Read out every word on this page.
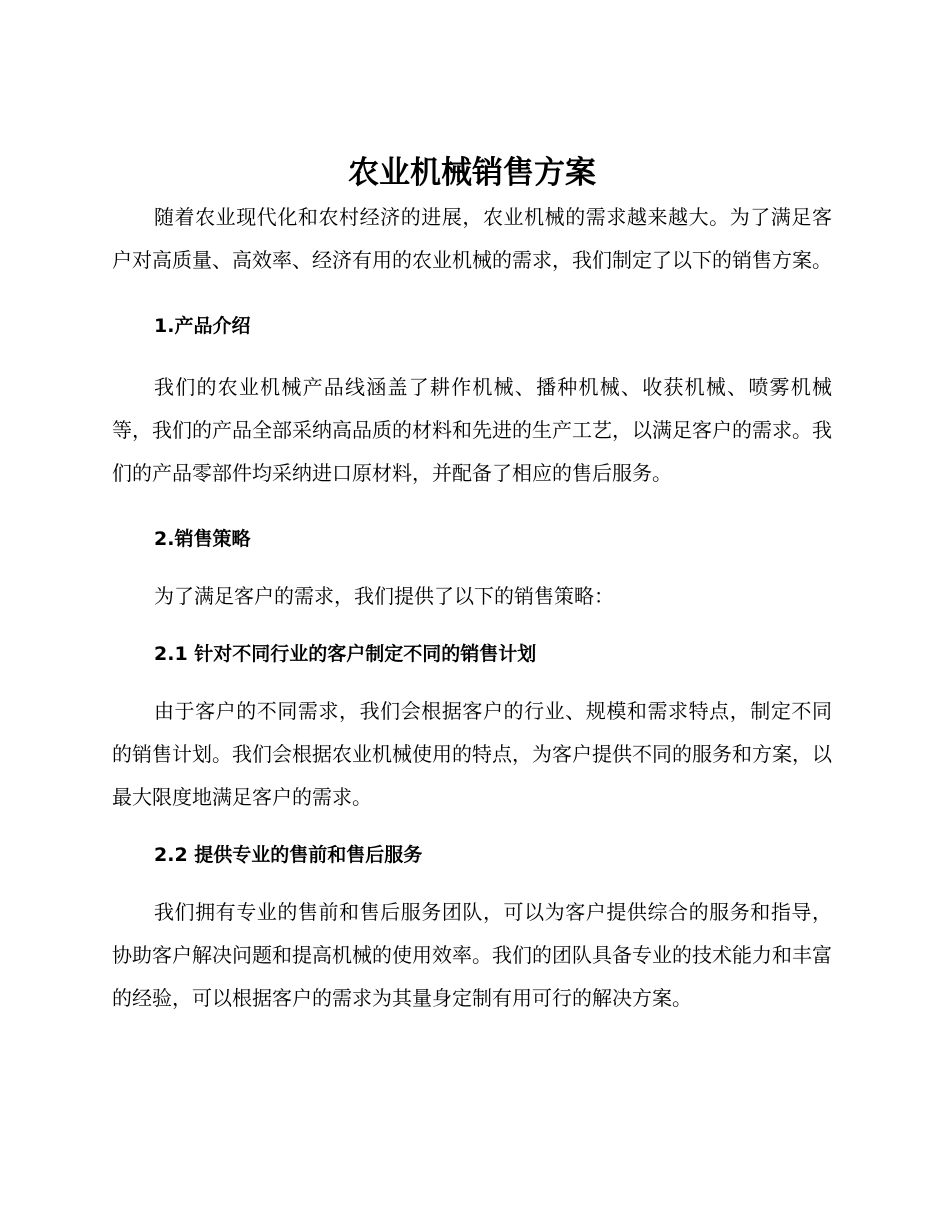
农业机械销售方案

随着农业现代化和农村经济的进展，农业机械的需求越来越大。为了满足客户对高质量、高效率、经济有用的农业机械的需求，我们制定了以下的销售方案。

1.产品介绍

我们的农业机械产品线涵盖了耕作机械、播种机械、收获机械、喷雾机械等，我们的产品全部采纳高品质的材料和先进的生产工艺，以满足客户的需求。我们的产品零部件均采纳进口原材料，并配备了相应的售后服务。

2.销售策略

为了满足客户的需求，我们提供了以下的销售策略：

2.1 针对不同行业的客户制定不同的销售计划

由于客户的不同需求，我们会根据客户的行业、规模和需求特点，制定不同的销售计划。我们会根据农业机械使用的特点，为客户提供不同的服务和方案，以最大限度地满足客户的需求。

2.2 提供专业的售前和售后服务

我们拥有专业的售前和售后服务团队，可以为客户提供综合的服务和指导，协助客户解决问题和提高机械的使用效率。我们的团队具备专业的技术能力和丰富的经验，可以根据客户的需求为其量身定制有用可行的解决方案。
